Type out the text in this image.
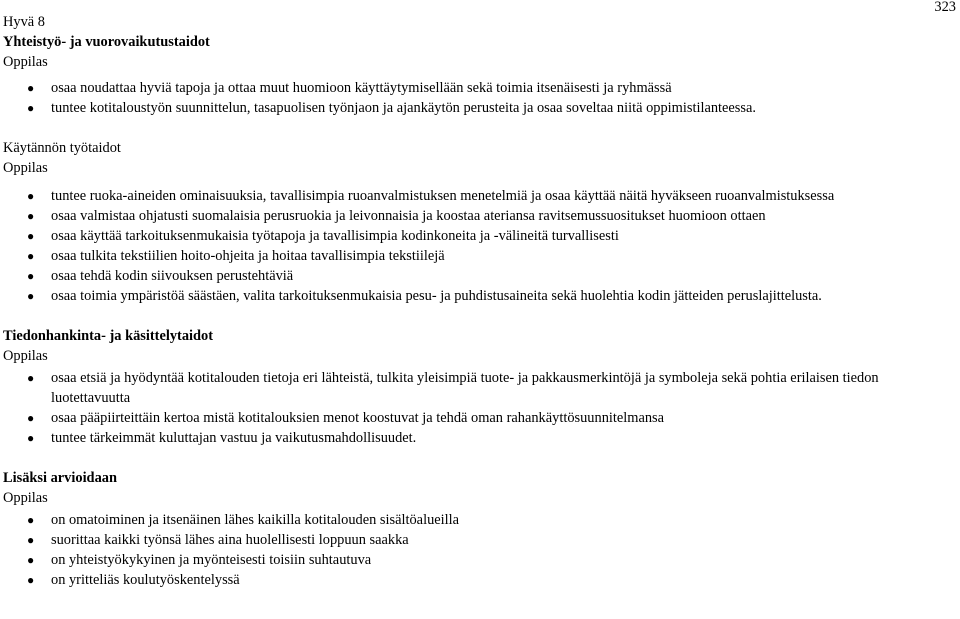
323
Hyvä 8
Yhteistyö- ja vuorovaikutustaidot
Oppilas
● osaa noudattaa hyviä tapoja ja ottaa muut huomioon käyttäytymisellään sekä toimia itsenäisesti ja ryhmässä
● tuntee kotitaloustyön suunnittelun, tasapuolisen työnjaon ja ajankäytön perusteita ja osaa soveltaa niitä oppimistilanteessa.
Käytännön työtaidot
Oppilas
● tuntee ruoka-aineiden ominaisuuksia, tavallisimpia ruoanvalmistuksen menetelmiä ja osaa käyttää näitä hyväkseen ruoanvalmistuksessa
● osaa valmistaa ohjatusti suomalaisia perusruokia ja leivonnaisia ja koostaa ateriansa ravitsemussuositukset huomioon ottaen
● osaa käyttää tarkoituksenmukaisia työtapoja ja tavallisimpia kodinkoneita ja -välineitä turvallisesti
● osaa tulkita tekstiilien hoito-ohjeita ja hoitaa tavallisimpia tekstiilejä
● osaa tehdä kodin siivouksen perustehtäviä
● osaa toimia ympäristöä säästäen, valita tarkoituksenmukaisia pesu- ja puhdistusaineita sekä huolehtia kodin jätteiden peruslajittelusta.
Tiedonhankinta- ja käsittelytaidot
Oppilas
● osaa etsiä ja hyödyntää kotitalouden tietoja eri lähteistä, tulkita yleisimpiä tuote- ja pakkausmerkintöjä ja symboleja sekä pohtia erilaisen tiedon luotettavuutta
● osaa pääpiirteittäin kertoa mistä kotitalouksien menot koostuvat ja tehdä oman rahankäyttösuunnitelmansa
● tuntee tärkeimmät kuluttajan vastuu ja vaikutusmahdollisuudet.
Lisäksi arvioidaan
Oppilas
● on omatoiminen ja itsenäinen lähes kaikilla kotitalouden sisältöalueilla
● suorittaa kaikki työnsä lähes aina huolellisesti loppuun saakka
● on yhteistyökykyinen ja myönteisesti toisiin suhtautuva
● on yritteliäs koulutyöskentelyssä
